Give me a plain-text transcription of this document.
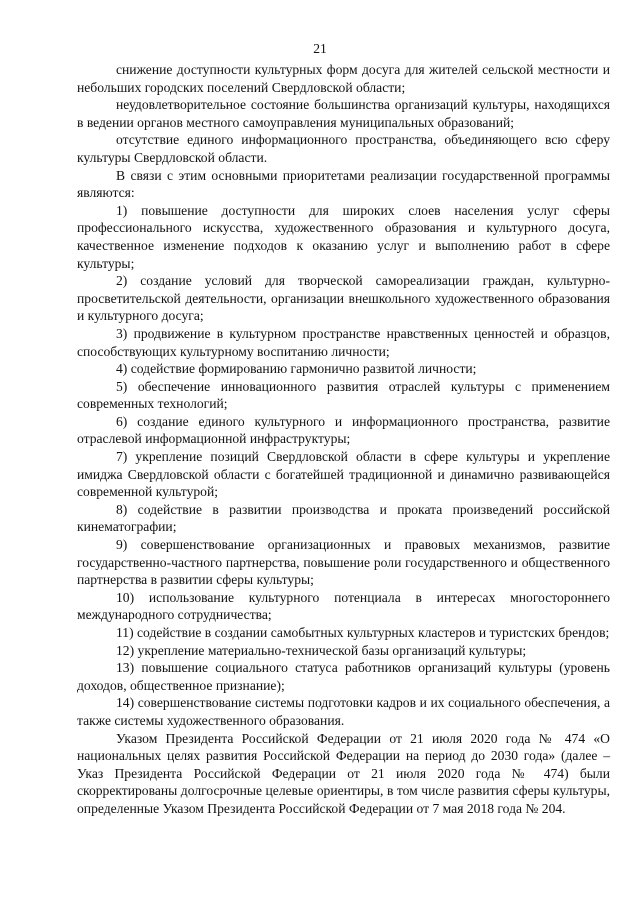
21

снижение доступности культурных форм досуга для жителей сельской местности и небольших городских поселений Свердловской области;

неудовлетворительное состояние большинства организаций культуры, находящихся в ведении органов местного самоуправления муниципальных образований;

отсутствие единого информационного пространства, объединяющего всю сферу культуры Свердловской области.

В связи с этим основными приоритетами реализации государственной программы являются:

1) повышение доступности для широких слоев населения услуг сферы профессионального искусства, художественного образования и культурного досуга, качественное изменение подходов к оказанию услуг и выполнению работ в сфере культуры;

2) создание условий для творческой самореализации граждан, культурно-просветительской деятельности, организации внешкольного художественного образования и культурного досуга;

3) продвижение в культурном пространстве нравственных ценностей и образцов, способствующих культурному воспитанию личности;

4) содействие формированию гармонично развитой личности;

5) обеспечение инновационного развития отраслей культуры с применением современных технологий;

6) создание единого культурного и информационного пространства, развитие отраслевой информационной инфраструктуры;

7) укрепление позиций Свердловской области в сфере культуры и укрепление имиджа Свердловской области с богатейшей традиционной и динамично развивающейся современной культурой;

8) содействие в развитии производства и проката произведений российской кинематографии;

9) совершенствование организационных и правовых механизмов, развитие государственно-частного партнерства, повышение роли государственного и общественного партнерства в развитии сферы культуры;

10) использование культурного потенциала в интересах многостороннего международного сотрудничества;

11) содействие в создании самобытных культурных кластеров и туристских брендов;

12) укрепление материально-технической базы организаций культуры;

13) повышение социального статуса работников организаций культуры (уровень доходов, общественное признание);

14) совершенствование системы подготовки кадров и их социального обеспечения, а также системы художественного образования.

Указом Президента Российской Федерации от 21 июля 2020 года № 474 «О национальных целях развития Российской Федерации на период до 2030 года» (далее – Указ Президента Российской Федерации от 21 июля 2020 года № 474) были скорректированы долгосрочные целевые ориентиры, в том числе развития сферы культуры, определенные Указом Президента Российской Федерации от 7 мая 2018 года № 204.
